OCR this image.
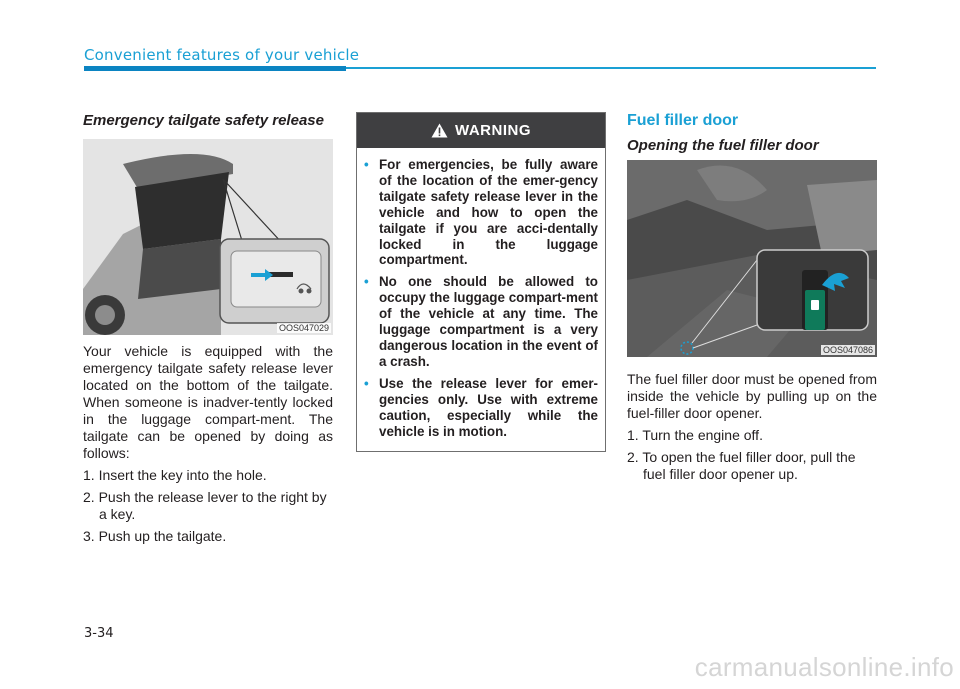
Convenient features of your vehicle

Emergency tailgate safety release

OOS047029

Your vehicle is equipped with the emergency tailgate safety release lever located on the bottom of the tailgate. When someone is inadver-tently locked in the luggage compart-ment. The tailgate can be opened by doing as follows:

1. Insert the key into the hole.
2. Push the release lever to the right by a key.
3. Push up the tailgate.
WARNING
• For emergencies, be fully aware of the location of the emer-gency tailgate safety release lever in the vehicle and how to open the tailgate if you are acci-dentally locked in the luggage compartment.
• No one should be allowed to occupy the luggage compart-ment of the vehicle at any time. The luggage compartment is a very dangerous location in the event of a crash.
• Use the release lever for emer-gencies only. Use with extreme caution, especially while the vehicle is in motion.

Fuel filler door

Opening the fuel filler door

OOS047086

The fuel filler door must be opened from inside the vehicle by pulling up on the fuel-filler door opener.

1. Turn the engine off.
2. To open the fuel filler door, pull the fuel filler door opener up.
3-34
carmanualsonline.info
